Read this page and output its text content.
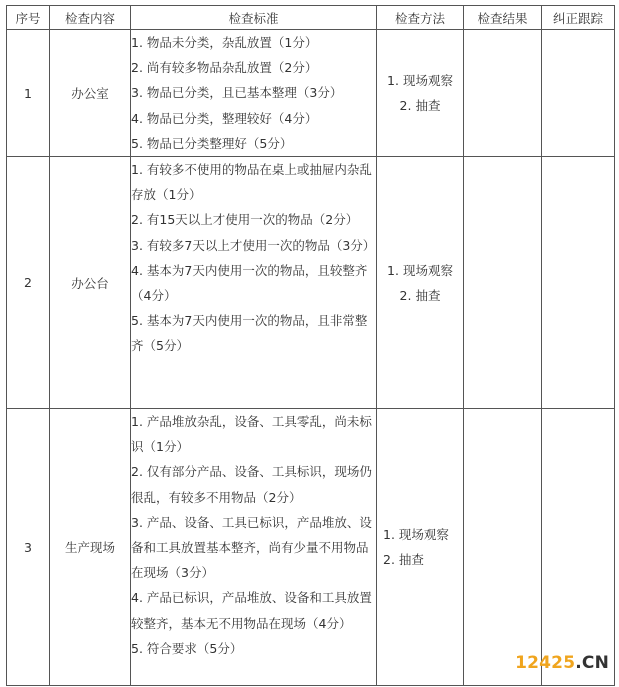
序号	检查内容	检查标准	检查方法	检查结果	纠正跟踪
1	办公室	1. 物品未分类，杂乱放置（1分）
2. 尚有较多物品杂乱放置（2分）
3. 物品已分类，且已基本整理（3分）
4. 物品已分类，整理较好（4分）
5. 物品已分类整理好（5分）	1. 现场观察
2. 抽查		

2	办公台	1. 有较多不使用的物品在桌上或抽屉内杂乱存放（1分）
2. 有15天以上才使用一次的物品（2分）
3. 有较多7天以上才使用一次的物品（3分）
4. 基本为7天内使用一次的物品，且较整齐（4分）
5. 基本为7天内使用一次的物品，且非常整齐（5分）	1. 现场观察
2. 抽查		

3	生产现场	1. 产品堆放杂乱，设备、工具零乱，尚未标识（1分）
2. 仅有部分产品、设备、工具标识，现场仍很乱，有较多不用物品（2分）
3. 产品、设备、工具已标识，产品堆放、设备和工具放置基本整齐，尚有少量不用物品在现场（3分）
4. 产品已标识，产品堆放、设备和工具放置较整齐，基本无不用物品在现场（4分）
5. 符合要求（5分）	1. 现场观察
2. 抽查		

12425.CN
